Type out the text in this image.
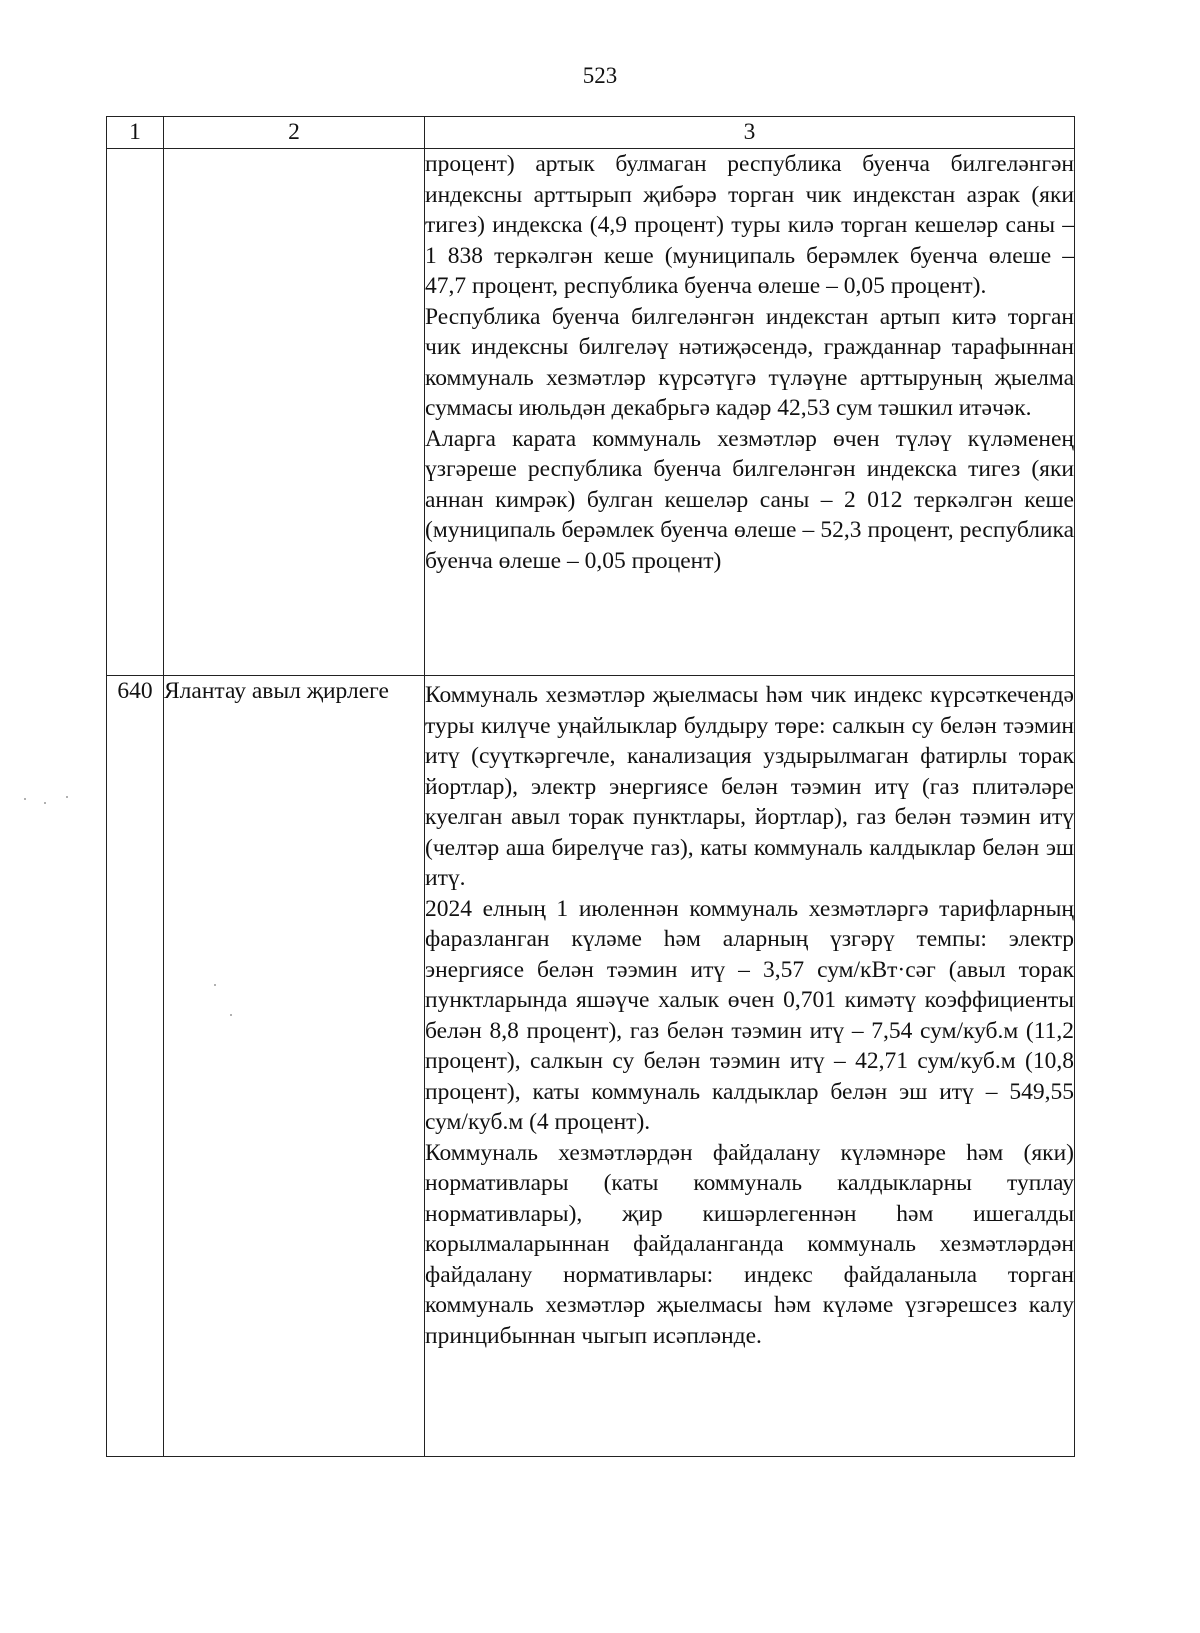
523
1	2	3

		процент) артык булмаган республика буенча билгеләнгән индексны арттырып җибәрә торган чик индекстан азрак (яки тигез) индекска (4,9 процент) туры килә торган кешеләр саны – 1 838 теркәлгән кеше (муниципаль берәмлек буенча өлеше – 47,7 процент, республика буенча өлеше – 0,05 процент).

Республика буенча билгеләнгән индекстан артып китә торган чик индексны билгеләү нәтиҗәсендә, гражданнар тарафыннан коммуналь хезмәтләр күрсәтүгә түләүне арттыруның җыелма суммасы июльдән декабрьгә кадәр 42,53 сум тәшкил итәчәк.

Аларга карата коммуналь хезмәтләр өчен түләү күләменең үзгәреше республика буенча билгеләнгән индекска тигез (яки аннан кимрәк) булган кешеләр саны – 2 012 теркәлгән кеше (муниципаль берәмлек буенча өлеше – 52,3 процент, республика буенча өлеше – 0,05 процент)

640	Ялантау авыл җирлеге	Коммуналь хезмәтләр җыелмасы һәм чик индекс күрсәткечендә туры килүче уңайлыклар булдыру төре: салкын су белән тәэмин итү (суүткәргечле, канализация уздырылмаган фатирлы торак йортлар), электр энергиясе белән тәэмин итү (газ плитәләре куелган авыл торак пунктлары, йортлар), газ белән тәэмин итү (челтәр аша бирелүче газ), каты коммуналь калдыклар белән эш итү.

2024 елның 1 июленнән коммуналь хезмәтләргә тарифларның фаразланган күләме һәм аларның үзгәрү темпы: электр энергиясе белән тәэмин итү – 3,57 сум/кВт·сәг (авыл торак пунктларында яшәүче халык өчен 0,701 кимәтү коэффициенты белән 8,8 процент), газ белән тәэмин итү – 7,54 сум/куб.м (11,2 процент), салкын су белән тәэмин итү – 42,71 сум/куб.м (10,8 процент), каты коммуналь калдыклар белән эш итү – 549,55 сум/куб.м (4 процент).

Коммуналь хезмәтләрдән файдалану күләмнәре һәм (яки) нормативлары (каты коммуналь калдыкларны туплау нормативлары), җир кишәрлегеннән һәм ишегалды корылмаларыннан файдаланганда коммуналь хезмәтләрдән файдалану нормативлары: индекс файдаланыла торган коммуналь хезмәтләр җыелмасы һәм күләме үзгәрешсез калу принцибыннан чыгып исәпләнде.
